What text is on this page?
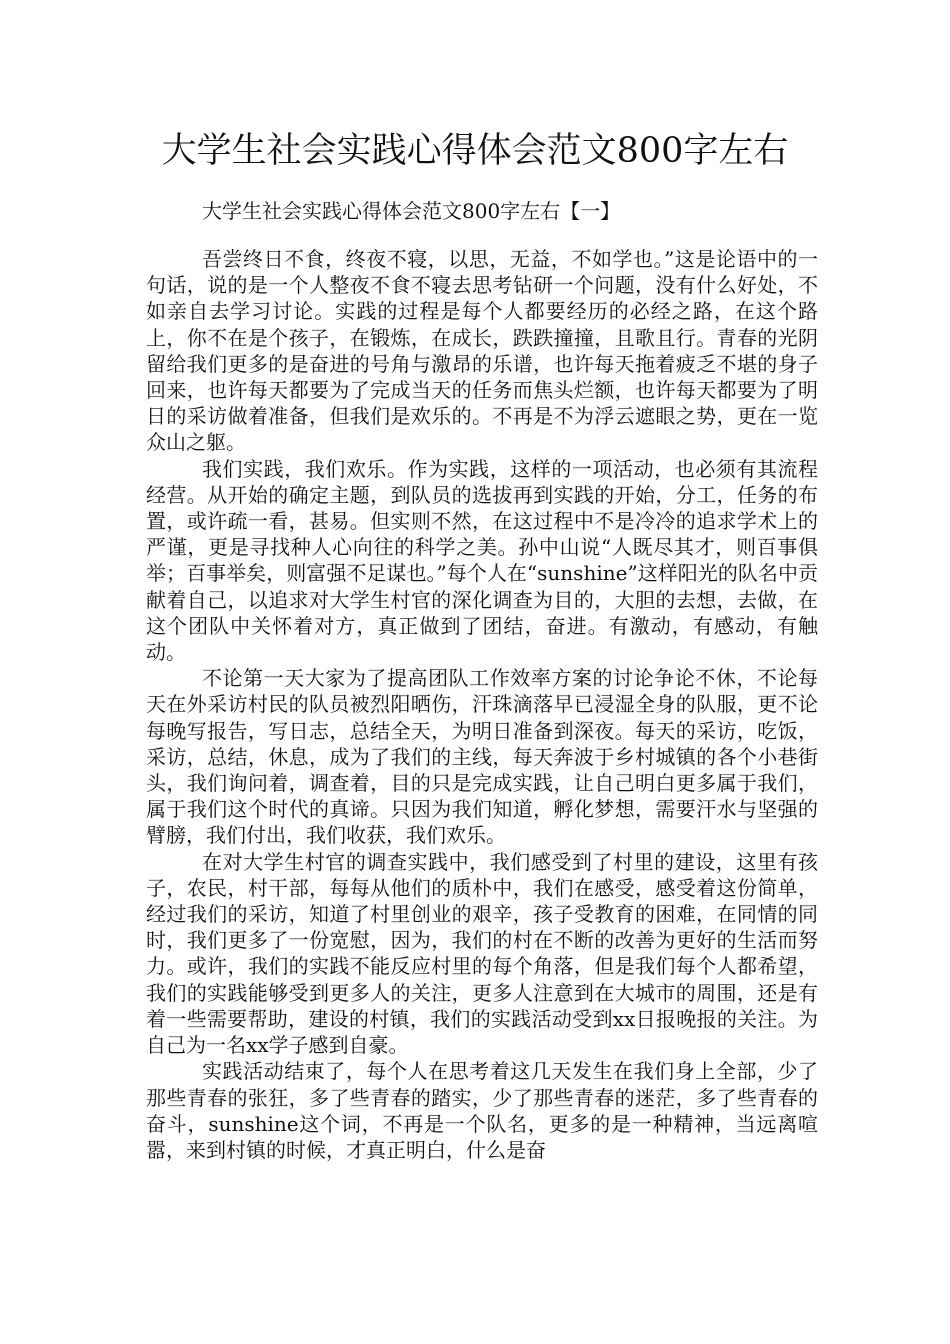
大学生社会实践心得体会范文800字左右
大学生社会实践心得体会范文800字左右【一】

吾尝终日不食，终夜不寝，以思，无益，不如学也。”这是论语中的一句话，说的是一个人整夜不食不寝去思考钻研一个问题，没有什么好处，不如亲自去学习讨论。实践的过程是每个人都要经历的必经之路，在这个路上，你不在是个孩子，在锻炼，在成长，跌跌撞撞，且歌且行。青春的光阴留给我们更多的是奋进的号角与激昂的乐谱，也许每天拖着疲乏不堪的身子回来，也许每天都要为了完成当天的任务而焦头烂额，也许每天都要为了明日的采访做着准备，但我们是欢乐的。不再是不为浮云遮眼之势，更在一览众山之躯。

我们实践，我们欢乐。作为实践，这样的一项活动，也必须有其流程经营。从开始的确定主题，到队员的选拔再到实践的开始，分工，任务的布置，或许疏一看，甚易。但实则不然，在这过程中不是冷冷的追求学术上的严谨，更是寻找种人心向往的科学之美。孙中山说“人既尽其才，则百事俱举；百事举矣，则富强不足谋也。”每个人在“sunshine”这样阳光的队名中贡献着自己，以追求对大学生村官的深化调查为目的，大胆的去想，去做，在这个团队中关怀着对方，真正做到了团结，奋进。有激动，有感动，有触动。

不论第一天大家为了提高团队工作效率方案的讨论争论不休，不论每天在外采访村民的队员被烈阳晒伤，汗珠滴落早已浸湿全身的队服，更不论每晚写报告，写日志，总结全天，为明日准备到深夜。每天的采访，吃饭，采访，总结，休息，成为了我们的主线，每天奔波于乡村城镇的各个小巷街头，我们询问着，调查着，目的只是完成实践，让自己明白更多属于我们，属于我们这个时代的真谛。只因为我们知道，孵化梦想，需要汗水与坚强的臂膀，我们付出，我们收获，我们欢乐。

在对大学生村官的调查实践中，我们感受到了村里的建设，这里有孩子，农民，村干部，每每从他们的质朴中，我们在感受，感受着这份简单，经过我们的采访，知道了村里创业的艰辛，孩子受教育的困难，在同情的同时，我们更多了一份宽慰，因为，我们的村在不断的改善为更好的生活而努力。或许，我们的实践不能反应村里的每个角落，但是我们每个人都希望，我们的实践能够受到更多人的关注，更多人注意到在大城市的周围，还是有着一些需要帮助，建设的村镇，我们的实践活动受到xx日报晚报的关注。为自己为一名xx学子感到自豪。

实践活动结束了，每个人在思考着这几天发生在我们身上全部，少了那些青春的张狂，多了些青春的踏实，少了那些青春的迷茫，多了些青春的奋斗，sunshine这个词，不再是一个队名，更多的是一种精神，当远离喧嚣，来到村镇的时候，才真正明白，什么是奋
